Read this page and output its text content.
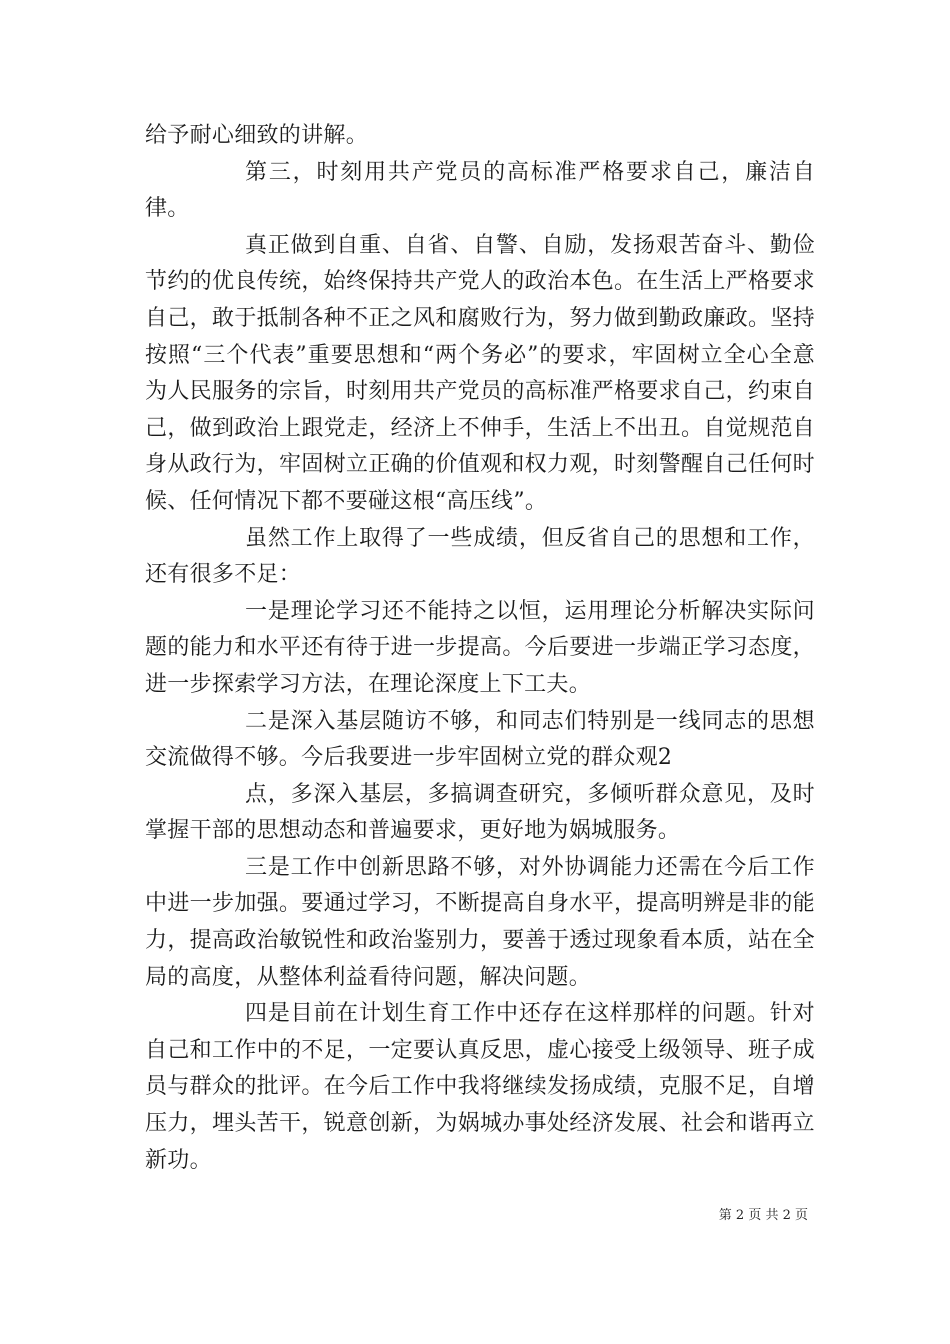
给予耐心细致的讲解。

第三，时刻用共产党员的高标准严格要求自己，廉洁自律。

真正做到自重、自省、自警、自励，发扬艰苦奋斗、勤俭节约的优良传统，始终保持共产党人的政治本色。在生活上严格要求自己，敢于抵制各种不正之风和腐败行为，努力做到勤政廉政。坚持按照“三个代表”重要思想和“两个务必”的要求，牢固树立全心全意为人民服务的宗旨，时刻用共产党员的高标准严格要求自己，约束自己，做到政治上跟党走，经济上不伸手，生活上不出丑。自觉规范自身从政行为，牢固树立正确的价值观和权力观，时刻警醒自己任何时候、任何情况下都不要碰这根“高压线”。

虽然工作上取得了一些成绩，但反省自己的思想和工作，还有很多不足：

一是理论学习还不能持之以恒，运用理论分析解决实际问题的能力和水平还有待于进一步提高。今后要进一步端正学习态度，进一步探索学习方法，在理论深度上下工夫。

二是深入基层随访不够，和同志们特别是一线同志的思想交流做得不够。今后我要进一步牢固树立党的群众观2

点，多深入基层，多搞调查研究，多倾听群众意见，及时掌握干部的思想动态和普遍要求，更好地为娲城服务。

三是工作中创新思路不够，对外协调能力还需在今后工作中进一步加强。要通过学习，不断提高自身水平，提高明辨是非的能力，提高政治敏锐性和政治鉴别力，要善于透过现象看本质，站在全局的高度，从整体利益看待问题，解决问题。

四是目前在计划生育工作中还存在这样那样的问题。针对自己和工作中的不足，一定要认真反思，虚心接受上级领导、班子成员与群众的批评。在今后工作中我将继续发扬成绩，克服不足，自增压力，埋头苦干，锐意创新，为娲城办事处经济发展、社会和谐再立新功。

第 2 页 共 2 页
